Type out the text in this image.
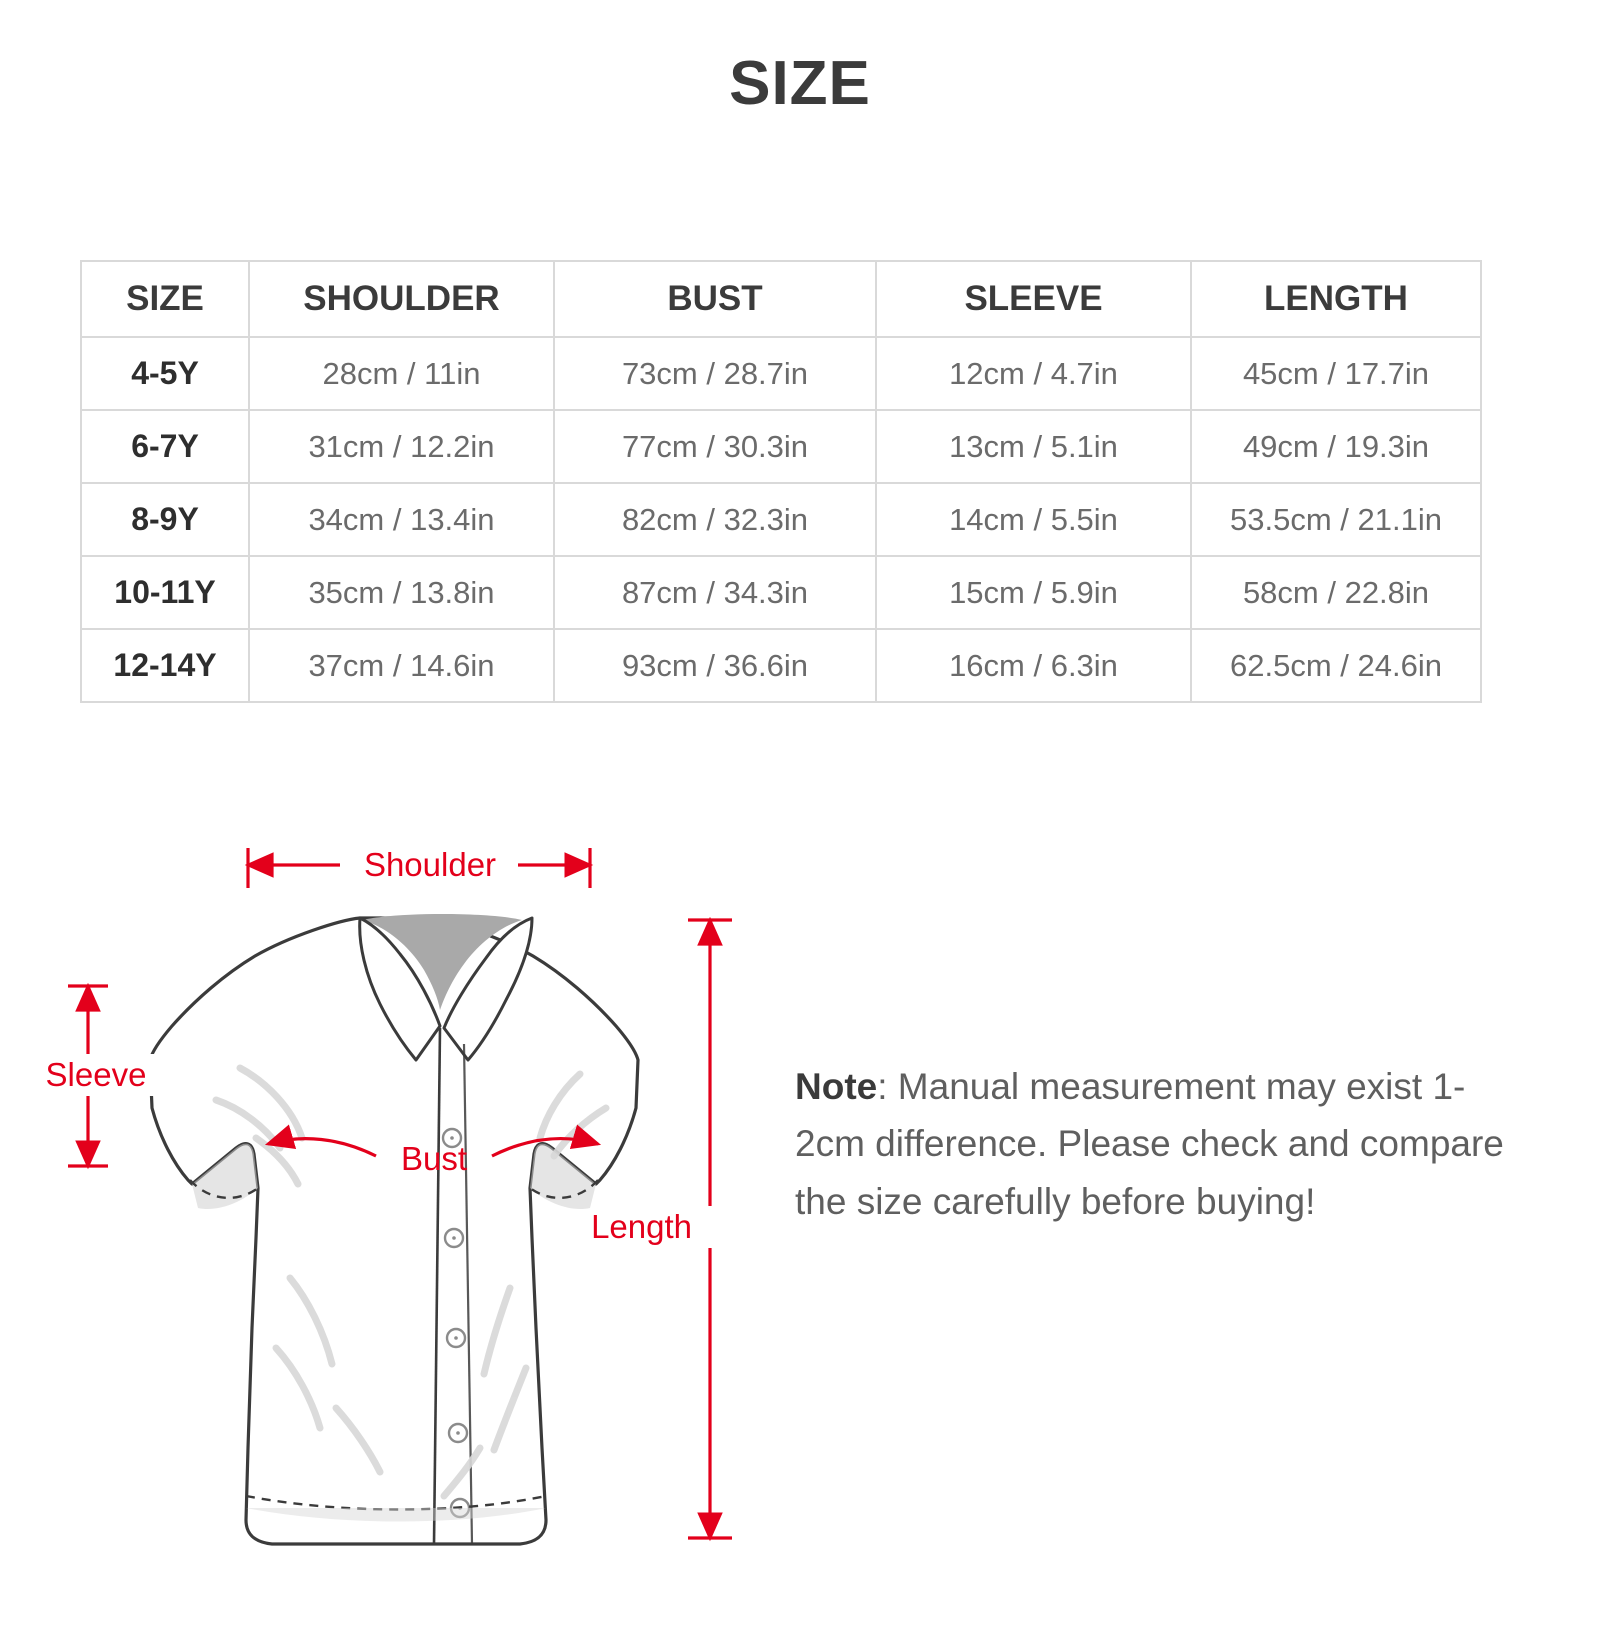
SIZE
SIZE	SHOULDER	BUST	SLEEVE	LENGTH
4-5Y	28cm / 11in	73cm / 28.7in	12cm / 4.7in	45cm / 17.7in
6-7Y	31cm / 12.2in	77cm / 30.3in	13cm / 5.1in	49cm / 19.3in
8-9Y	34cm / 13.4in	82cm / 32.3in	14cm / 5.5in	53.5cm / 21.1in
10-11Y	35cm / 13.8in	87cm / 34.3in	15cm / 5.9in	58cm / 22.8in
12-14Y	37cm / 14.6in	93cm / 36.6in	16cm / 6.3in	62.5cm / 24.6in
Shoulder
Sleeve
Bust
Length
Note: Manual measurement may exist 1-2cm difference. Please check and compare the size carefully before buying!
